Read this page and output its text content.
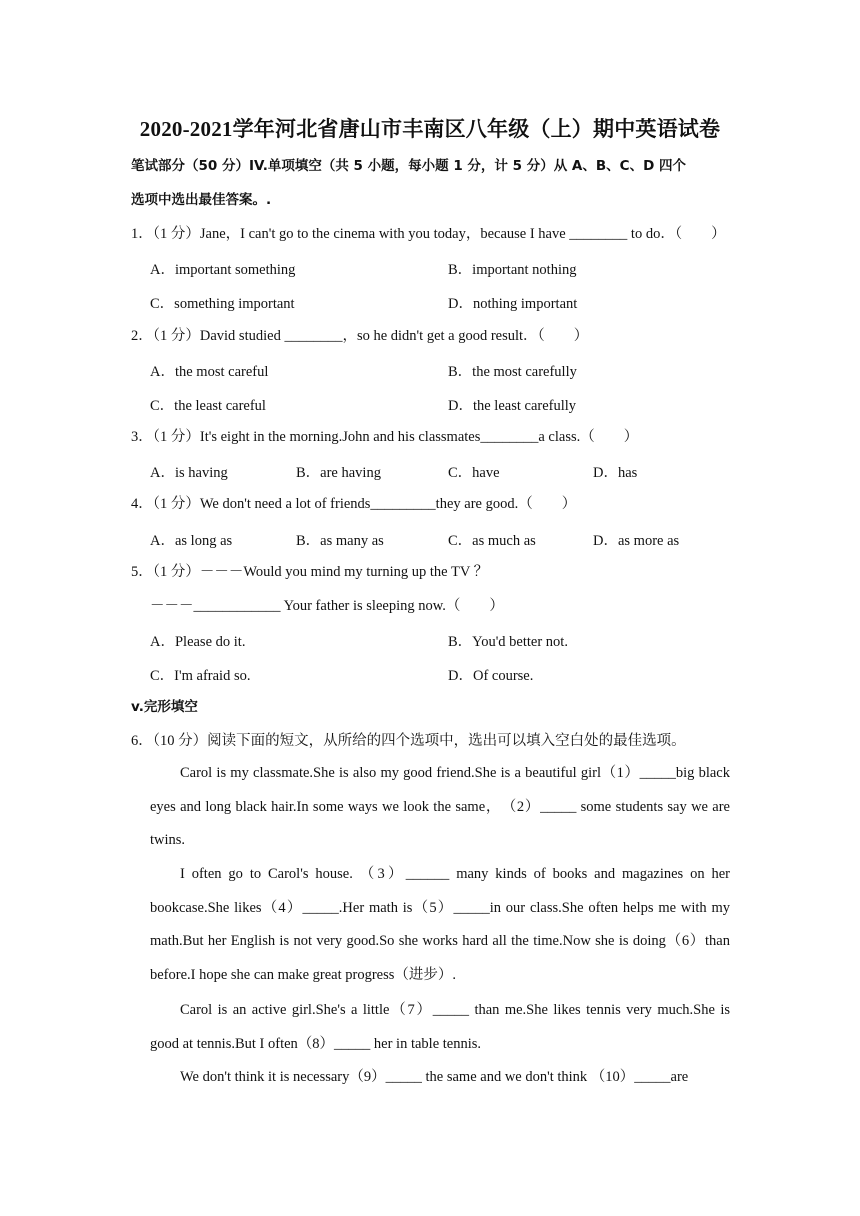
2020-2021学年河北省唐山市丰南区八年级（上）期中英语试卷
笔试部分（50 分）IV.单项填空（共 5 小题，每小题 1 分，计 5 分）从 A、B、C、D 四个
选项中选出最佳答案。.
1．（1 分）Jane，I can't go to the cinema with you today，because I have ________ to do．（　　）
A．important something	B．important nothing
C．something important	D．nothing important
2．（1 分）David studied ________，so he didn't get a good result．（　　）
A．the most careful	B．the most carefully
C．the least careful	D．the least carefully
3．（1 分）It's eight in the morning.John and his classmates________a class.（　　）
A．is having	B．are having	C．have	D．has
4．（1 分）We don't need a lot of friends_________they are good.（　　）
A．as long as	B．as many as	C．as much as	D．as more as
5．（1 分）－－－Would you mind my turning up the TV ？
－－－____________ Your father is sleeping now.（　　）
A．Please do it.	B．You'd better not.
C．I'm afraid so.	D．Of course.
v.完形填空
6．（10 分）阅读下面的短文，从所给的四个选项中，选出可以填入空白处的最佳选项。
Carol is my classmate.She is also my good friend.She is a beautiful girl（1）_____big black eyes and long black hair.In some ways we look the same，　（2）_____ some students say we are twins.
I often go to Carol's house. （3）______ many kinds of books and magazines on her bookcase.She likes（4）_____.Her math is（5）_____in our class.She often helps me with my math.But her English is not very good.So she works hard all the time.Now she is doing（6）than before.I hope she can make great progress（进步）.
Carol is an active girl.She's a little（7）_____ than me.She likes tennis very much.She is good at tennis.But I often（8）_____ her in table tennis.
We don't think it is necessary（9）_____ the same and we don't think （10）_____are
